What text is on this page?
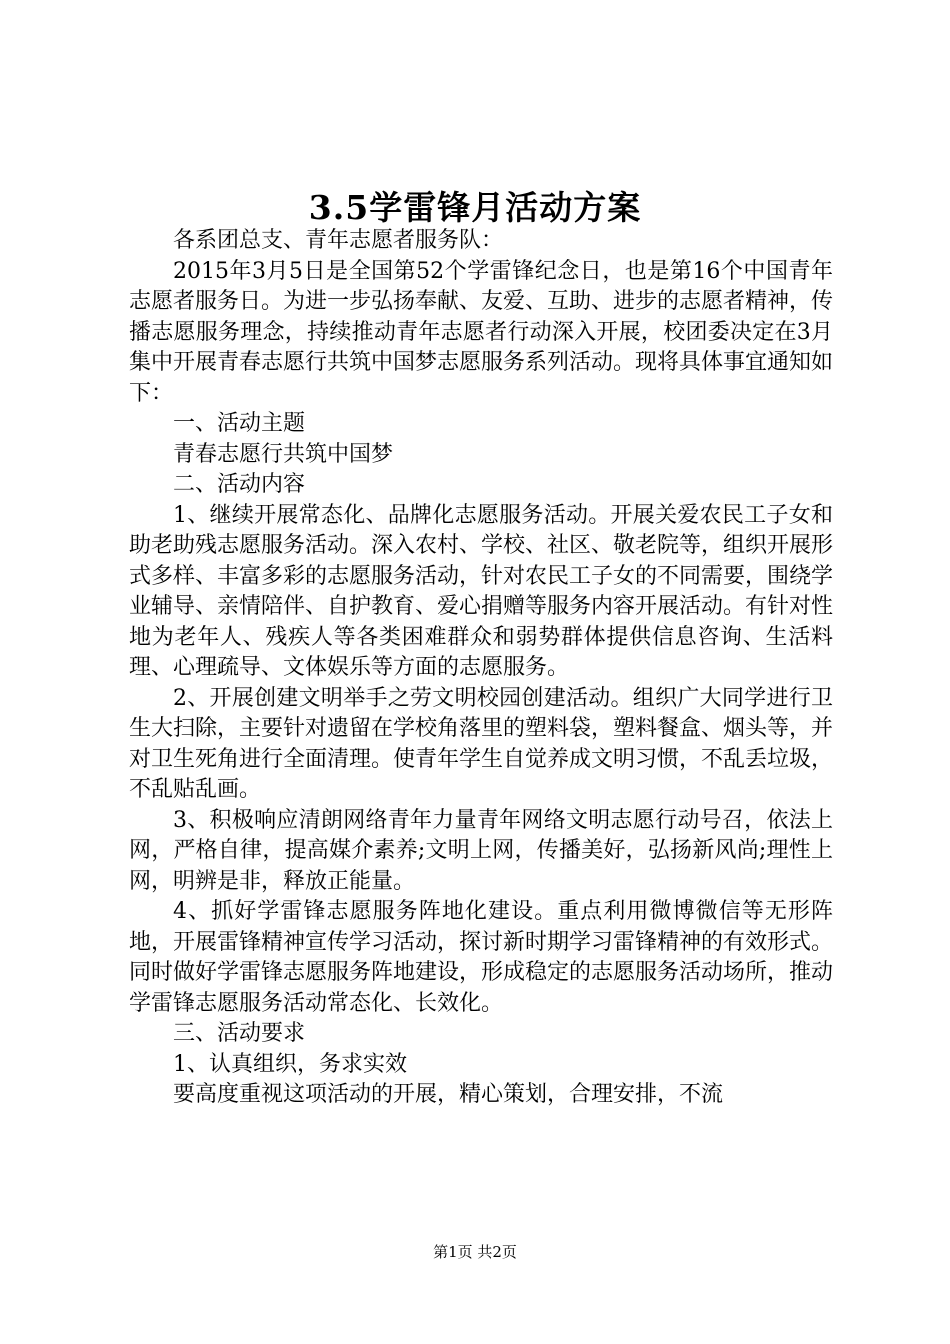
3.5学雷锋月活动方案

各系团总支、青年志愿者服务队：

2015年3月5日是全国第52个学雷锋纪念日，也是第16个中国青年志愿者服务日。为进一步弘扬奉献、友爱、互助、进步的志愿者精神，传播志愿服务理念，持续推动青年志愿者行动深入开展，校团委决定在3月集中开展青春志愿行共筑中国梦志愿服务系列活动。现将具体事宜通知如下：

一、活动主题

青春志愿行共筑中国梦

二、活动内容

1、继续开展常态化、品牌化志愿服务活动。开展关爱农民工子女和助老助残志愿服务活动。深入农村、学校、社区、敬老院等，组织开展形式多样、丰富多彩的志愿服务活动，针对农民工子女的不同需要，围绕学业辅导、亲情陪伴、自护教育、爱心捐赠等服务内容开展活动。有针对性地为老年人、残疾人等各类困难群众和弱势群体提供信息咨询、生活料理、心理疏导、文体娱乐等方面的志愿服务。

2、开展创建文明举手之劳文明校园创建活动。组织广大同学进行卫生大扫除，主要针对遗留在学校角落里的塑料袋，塑料餐盒、烟头等，并对卫生死角进行全面清理。使青年学生自觉养成文明习惯，不乱丢垃圾，不乱贴乱画。

3、积极响应清朗网络青年力量青年网络文明志愿行动号召，依法上网，严格自律，提高媒介素养;文明上网，传播美好，弘扬新风尚;理性上网，明辨是非，释放正能量。

4、抓好学雷锋志愿服务阵地化建设。重点利用微博微信等无形阵地，开展雷锋精神宣传学习活动，探讨新时期学习雷锋精神的有效形式。同时做好学雷锋志愿服务阵地建设，形成稳定的志愿服务活动场所，推动学雷锋志愿服务活动常态化、长效化。

三、活动要求

1、认真组织，务求实效

要高度重视这项活动的开展，精心策划，合理安排，不流

第1页 共2页
